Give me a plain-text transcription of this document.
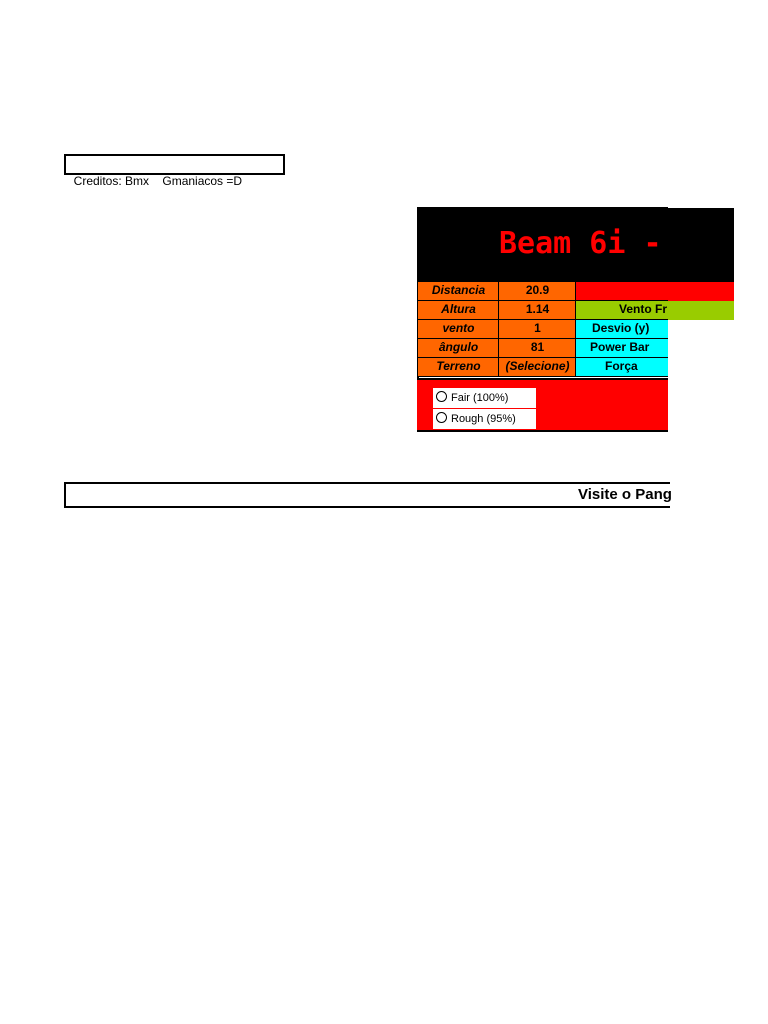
Creditos: Bmx    Gmaniacos =D

Beam 6i -
Distancia	20.9
Altura	1.14	Vento Fr
vento	1	Desvio (y)
ângulo	81	Power Bar
Terreno	(Selecione)	Força
Fair (100%)
Rough (95%)
Visite o Pang
